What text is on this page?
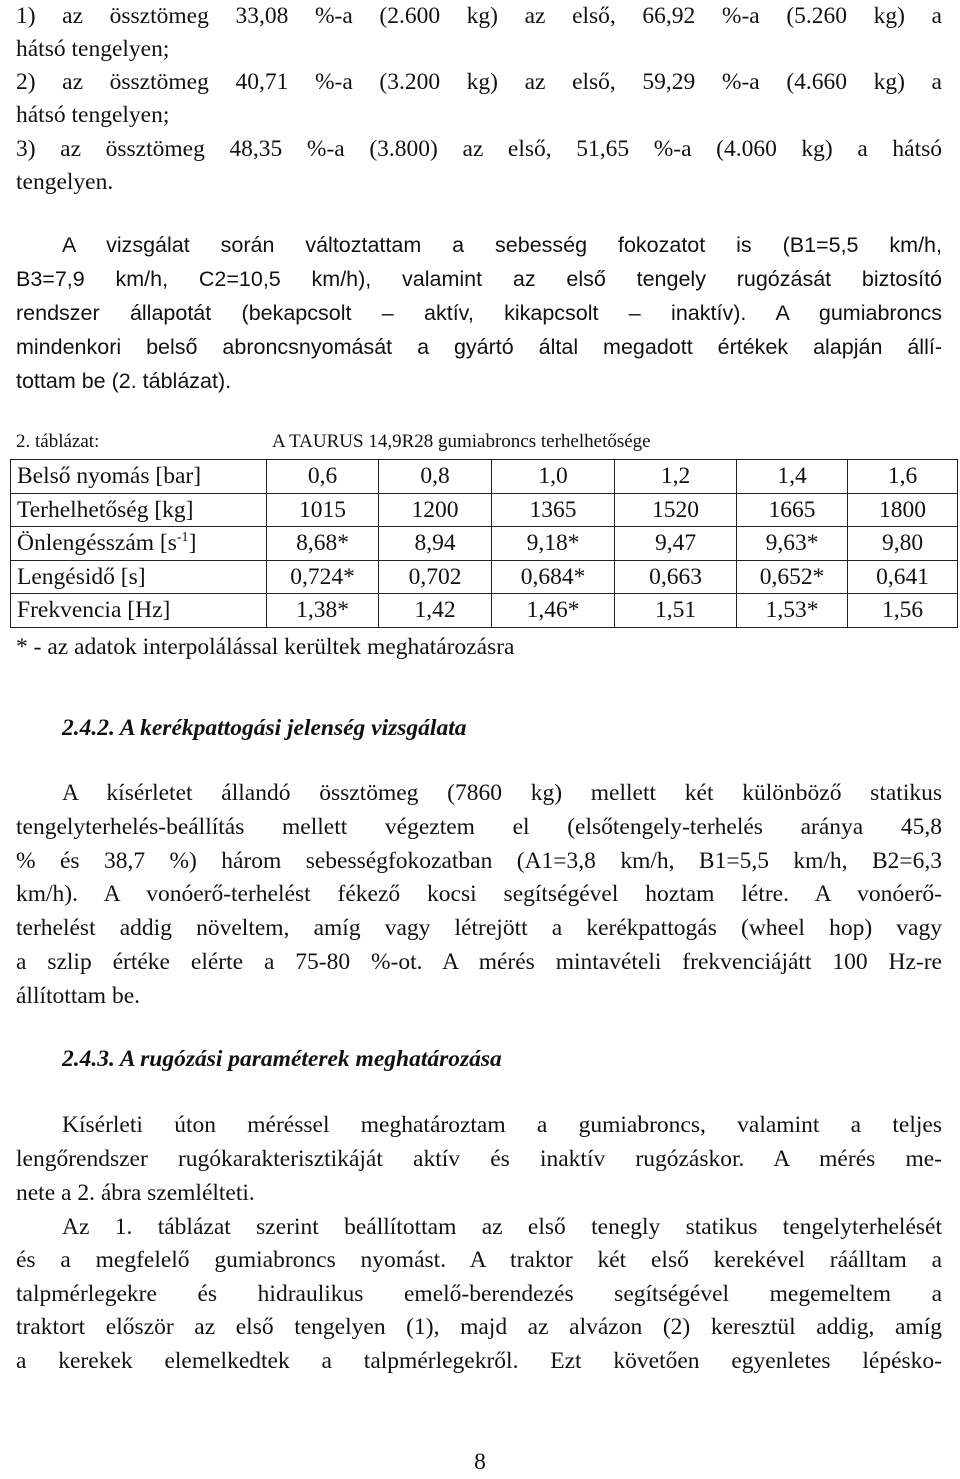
1) az össztömeg 33,08 %-a (2.600 kg) az első, 66,92 %-a (5.260 kg) a
hátsó tengelyen;
2) az össztömeg 40,71 %-a (3.200 kg) az első, 59,29 %-a (4.660 kg) a
hátsó tengelyen;
3) az össztömeg 48,35 %-a (3.800) az első, 51,65 %-a (4.060 kg) a hátsó
tengelyen.
A vizsgálat során változtattam a sebesség fokozatot is (B1=5,5 km/h,
B3=7,9 km/h, C2=10,5 km/h), valamint az első tengely rugózását biztosító
rendszer állapotát (bekapcsolt – aktív, kikapcsolt – inaktív). A gumiabroncs
mindenkori belső abroncsnyomását a gyártó által megadott értékek alapján állí-
tottam be (2. táblázat).
2. táblázat:	A TAURUS 14,9R28 gumiabroncs terhelhetősége
Belső nyomás [bar]	0,6	0,8	1,0	1,2	1,4	1,6
Terhelhetőség [kg]	1015	1200	1365	1520	1665	1800
Önlengésszám $[s^{-1}]$	8,68*	8,94	9,18*	9,47	9,63*	9,80
Lengésidő [s]	0,724*	0,702	0,684*	0,663	0,652*	0,641
Frekvencia [Hz]	1,38*	1,42	1,46*	1,51	1,53*	1,56
* - az adatok interpolálással kerültek meghatározásra
2.4.2. A kerékpattogási jelenség vizsgálata
A kísérletet állandó össztömeg (7860 kg) mellett két különböző statikus
tengelyterhelés-beállítás mellett végeztem el (elsőtengely-terhelés aránya 45,8
% és 38,7 %) három sebességfokozatban (A1=3,8 km/h, B1=5,5 km/h, B2=6,3
km/h). A vonóerő-terhelést fékező kocsi segítségével hoztam létre. A vonóerő-
terhelést addig növeltem, amíg vagy létrejött a kerékpattogás (wheel hop) vagy
a szlip értéke elérte a 75-80 %-ot. A mérés mintavételi frekvenciájátt 100 Hz-re
állítottam be.
2.4.3. A rugózási paraméterek meghatározása
Kísérleti úton méréssel meghatároztam a gumiabroncs, valamint a teljes
lengőrendszer rugókarakterisztikáját aktív és inaktív rugózáskor. A mérés me-
nete a 2. ábra szemlélteti.
Az 1. táblázat szerint beállítottam az első tenegly statikus tengelyterhelését
és a megfelelő gumiabroncs nyomást. A traktor két első kerekével ráálltam a
talpmérlegekre és hidraulikus emelő-berendezés segítségével megemeltem a
traktort először az első tengelyen (1), majd az alvázon (2) keresztül addig, amíg
a kerekek elemelkedtek a talpmérlegekről. Ezt követően egyenletes lépésko-
8
